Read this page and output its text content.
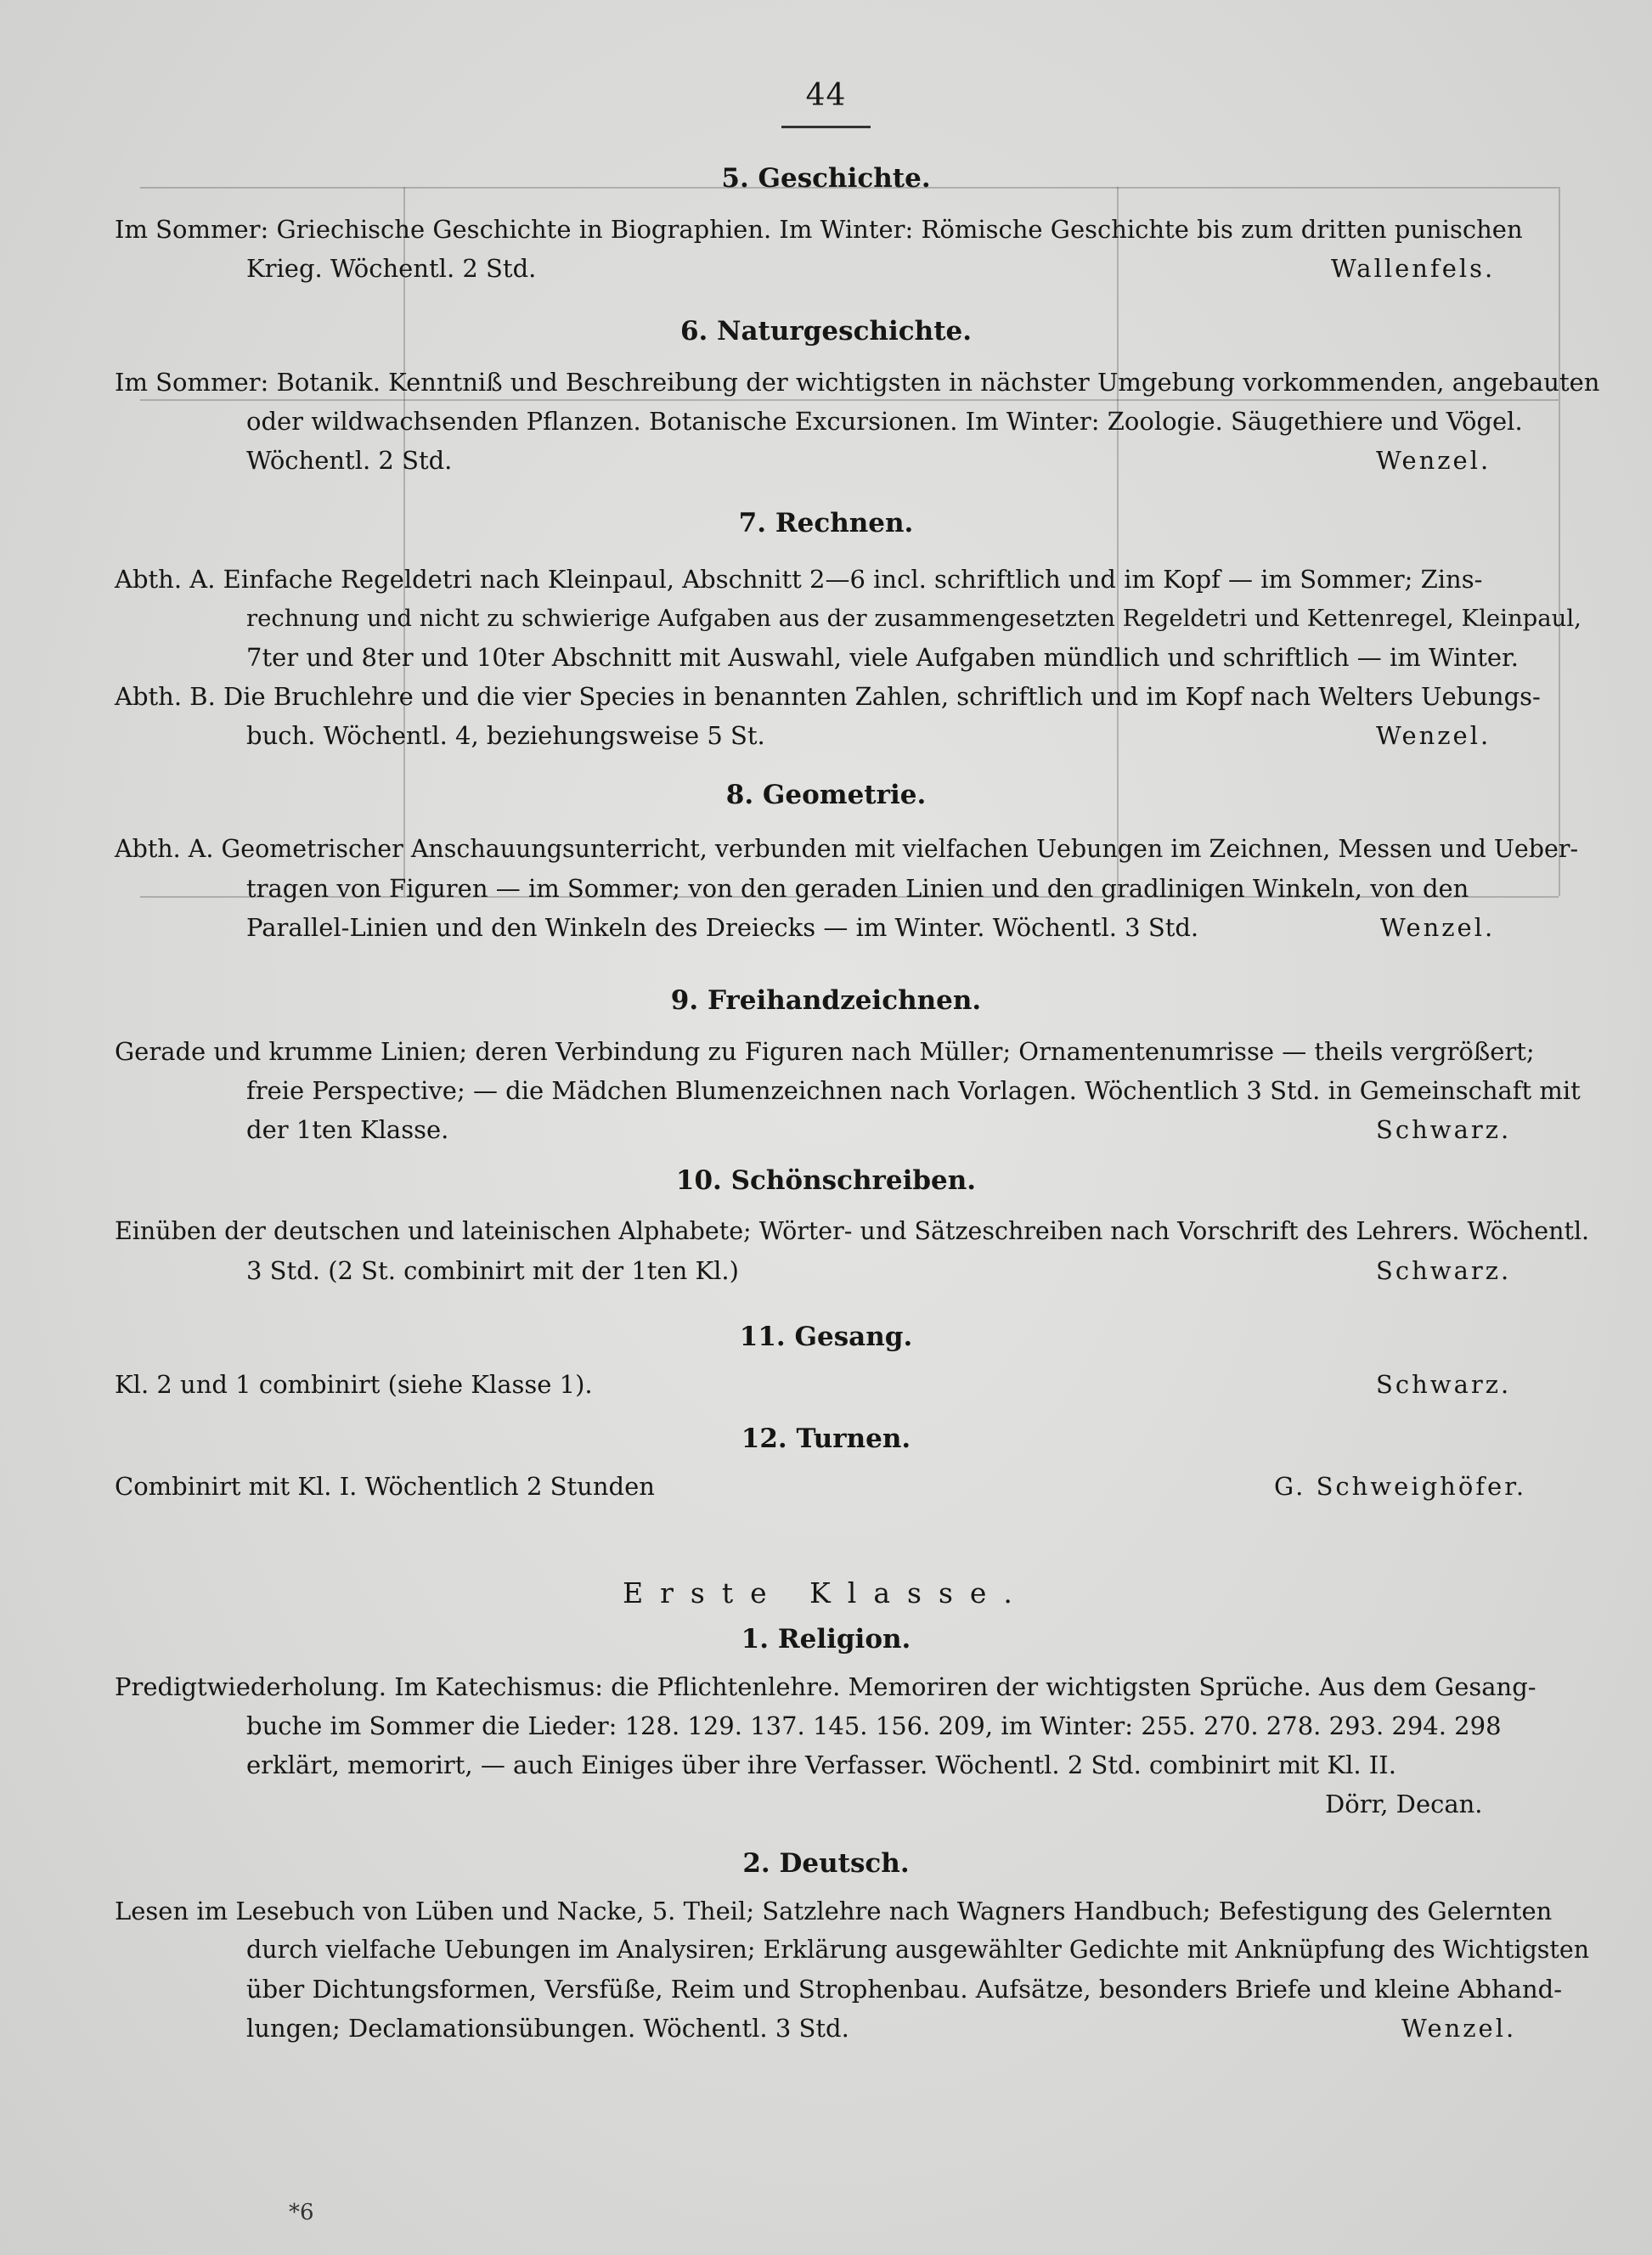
44
5. Geschichte.
Im Sommer: Griechische Geschichte in Biographien. Im Winter: Römische Geschichte bis zum dritten punischen
Krieg. Wöchentl. 2 Std.	Wallenfels.
6. Naturgeschichte.
Im Sommer: Botanik. Kenntniß und Beschreibung der wichtigsten in nächster Umgebung vorkommenden, angebauten
oder wildwachsenden Pflanzen. Botanische Excursionen. Im Winter: Zoologie. Säugethiere und Vögel.
Wöchentl. 2 Std.	Wenzel.
7. Rechnen.
Abth. A. Einfache Regeldetri nach Kleinpaul, Abschnitt 2—6 incl. schriftlich und im Kopf — im Sommer; Zins-
rechnung und nicht zu schwierige Aufgaben aus der zusammengesetzten Regeldetri und Kettenregel, Kleinpaul,
7ter und 8ter und 10ter Abschnitt mit Auswahl, viele Aufgaben mündlich und schriftlich — im Winter.
Abth. B. Die Bruchlehre und die vier Species in benannten Zahlen, schriftlich und im Kopf nach Welters Uebungs-
buch. Wöchentl. 4, beziehungsweise 5 St.	Wenzel.
8. Geometrie.
Abth. A. Geometrischer Anschauungsunterricht, verbunden mit vielfachen Uebungen im Zeichnen, Messen und Ueber-
tragen von Figuren — im Sommer; von den geraden Linien und den gradlinigen Winkeln, von den
Parallel-Linien und den Winkeln des Dreiecks — im Winter. Wöchentl. 3 Std.	Wenzel.
9. Freihandzeichnen.
Gerade und krumme Linien; deren Verbindung zu Figuren nach Müller; Ornamentenumrisse — theils vergrößert;
freie Perspective; — die Mädchen Blumenzeichnen nach Vorlagen. Wöchentlich 3 Std. in Gemeinschaft mit
der 1ten Klasse.	Schwarz.
10. Schönschreiben.
Einüben der deutschen und lateinischen Alphabete; Wörter- und Sätzeschreiben nach Vorschrift des Lehrers. Wöchentl.
3 Std. (2 St. combinirt mit der 1ten Kl.)	Schwarz.
11. Gesang.
Kl. 2 und 1 combinirt (siehe Klasse 1).	Schwarz.
12. Turnen.
Combinirt mit Kl. I. Wöchentlich 2 Stunden	G. Schweighöfer.
Erste Klasse.
1. Religion.
Predigtwiederholung. Im Katechismus: die Pflichtenlehre. Memoriren der wichtigsten Sprüche. Aus dem Gesang-
buche im Sommer die Lieder: 128. 129. 137. 145. 156. 209, im Winter: 255. 270. 278. 293. 294. 298
erklärt, memorirt, — auch Einiges über ihre Verfasser. Wöchentl. 2 Std. combinirt mit Kl. II.
Dörr, Decan.
2. Deutsch.
Lesen im Lesebuch von Lüben und Nacke, 5. Theil; Satzlehre nach Wagners Handbuch; Befestigung des Gelernten
durch vielfache Uebungen im Analysiren; Erklärung ausgewählter Gedichte mit Anknüpfung des Wichtigsten
über Dichtungsformen, Versfüße, Reim und Strophenbau. Aufsätze, besonders Briefe und kleine Abhand-
lungen; Declamationsübungen. Wöchentl. 3 Std.	Wenzel.
*6
